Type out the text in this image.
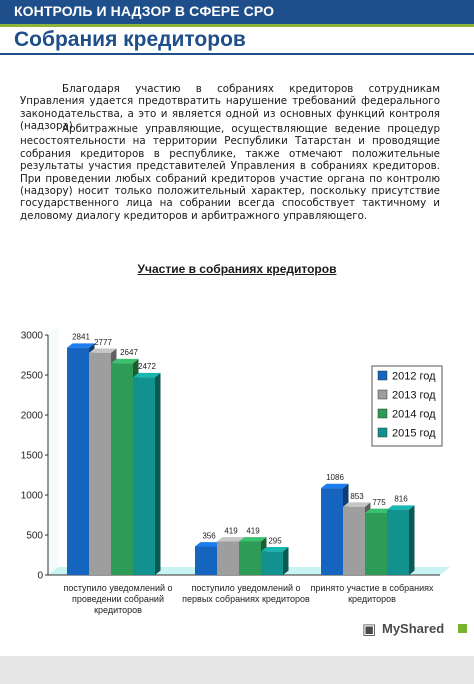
КОНТРОЛЬ И НАДЗОР В СФЕРЕ СРО
Собрания кредиторов

Благодаря участию в собраниях кредиторов сотрудникам Управления удается предотвратить нарушение требований федерального законодательства, а это и является одной из основных функций контроля (надзора).

Арбитражные управляющие, осуществляющие ведение процедур несостоятельности на территории Республики Татарстан и проводящие собрания кредиторов в республике, также отмечают положительные результаты участия представителей Управления в собраниях кредиторов. При проведении любых собраний кредиторов участие органа по контролю (надзору) носит только положительный характер, поскольку присутствие государственного лица на собрании всегда способствует тактичному и деловому диалогу кредиторов и арбитражного управляющего.

Участие в собраниях кредиторов
0
500
1000
1500
2000
2500
3000	2841
356
1086
2777
419
853
2647
419
775
2472
295
816
поступило уведомлений о
проведении собраний
кредиторов
поступило уведомлений о
первых собраниях кредиторов
принято участие в собраниях
кредиторов
2012 год
2013 год
2014 год
2015 год
▣ MyShared
